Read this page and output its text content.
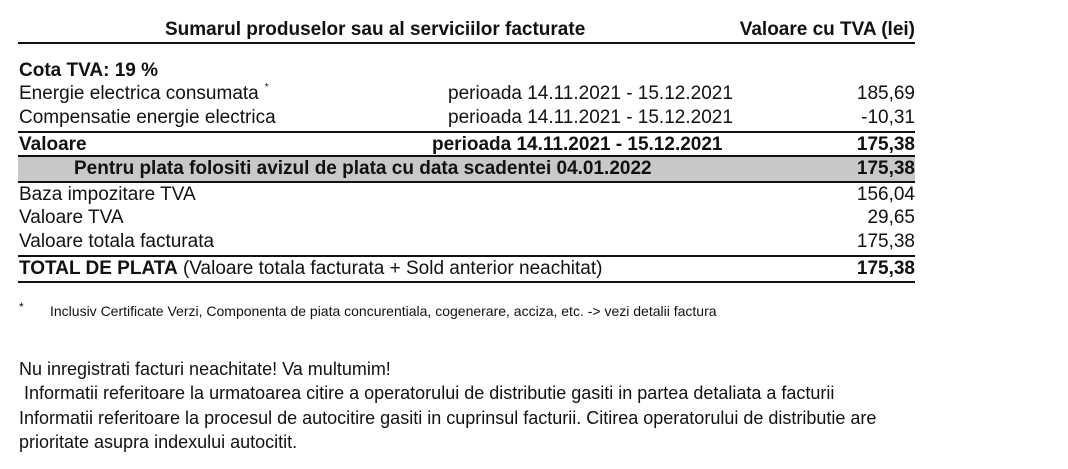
Sumarul produselor sau al serviciilor facturate	Valoare cu TVA (lei)
Cota TVA: 19 %
Energie electrica consumata *	perioada 14.11.2021 - 15.12.2021	185,69
Compensatie energie electrica	perioada 14.11.2021 - 15.12.2021	-10,31
Valoare	perioada 14.11.2021 - 15.12.2021	175,38
Pentru plata folositi avizul de plata cu data scadentei 04.01.2022	175,38
Baza impozitare TVA	156,04
Valoare TVA	29,65
Valoare totala facturata	175,38
TOTAL DE PLATA (Valoare totala facturata + Sold anterior neachitat)	175,38
* Inclusiv Certificate Verzi, Componenta de piata concurentiala, cogenerare, acciza, etc. -> vezi detalii factura
Nu inregistrati facturi neachitate! Va multumim!
Informatii referitoare la urmatoarea citire a operatorului de distributie gasiti in partea detaliata a facturii
Informatii referitoare la procesul de autocitire gasiti in cuprinsul facturii. Citirea operatorului de distributie are
prioritate asupra indexului autocitit.
